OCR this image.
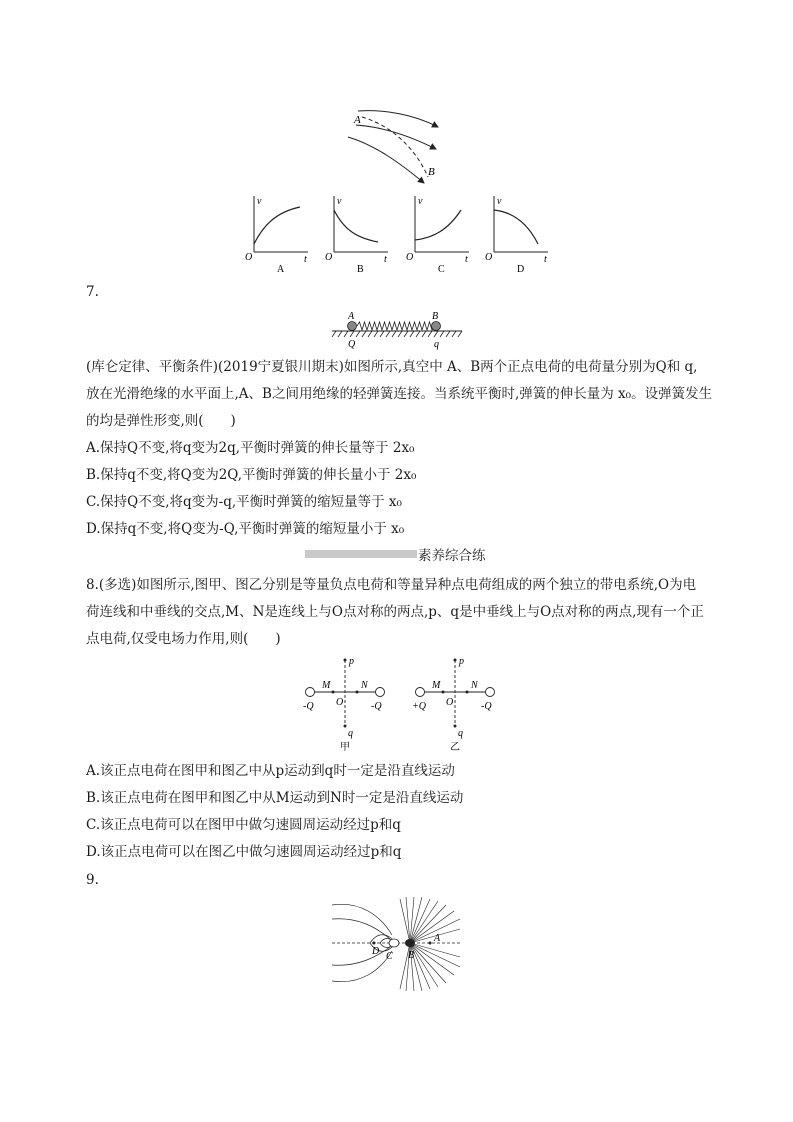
A
B
v
t
O
A
v
t
O
B
v
t
O
C
v
t
O
D
7.
A	B
Q	q
(库仑定律、平衡条件)(2019宁夏银川期末)如图所示,真空中 A、B两个正点电荷的电荷量分别为Q和 q,
放在光滑绝缘的水平面上,A、B之间用绝缘的轻弹簧连接。当系统平衡时,弹簧的伸长量为 x₀。设弹簧发生
的均是弹性形变,则(　　)
A.保持Q不变,将q变为2q,平衡时弹簧的伸长量等于 2x₀
B.保持q不变,将Q变为2Q,平衡时弹簧的伸长量小于 2x₀
C.保持Q不变,将q变为-q,平衡时弹簧的缩短量等于 x₀
D.保持q不变,将Q变为-Q,平衡时弹簧的缩短量小于 x₀
素养综合练
8.(多选)如图所示,图甲、图乙分别是等量负点电荷和等量异种点电荷组成的两个独立的带电系统,O为电
荷连线和中垂线的交点,M、N是连线上与O点对称的两点,p、q是中垂线上与O点对称的两点,现有一个正
点电荷,仅受电场力作用,则(　　)
p
q
M	N
O
-Q	-Q
甲
p
q
M	N
O
+Q	-Q
乙
A.该正点电荷在图甲和图乙中从p运动到q时一定是沿直线运动
B.该正点电荷在图甲和图乙中从M运动到N时一定是沿直线运动
C.该正点电荷可以在图甲中做匀速圆周运动经过p和q
D.该正点电荷可以在图乙中做匀速圆周运动经过p和q
9.
A
B
C
D
